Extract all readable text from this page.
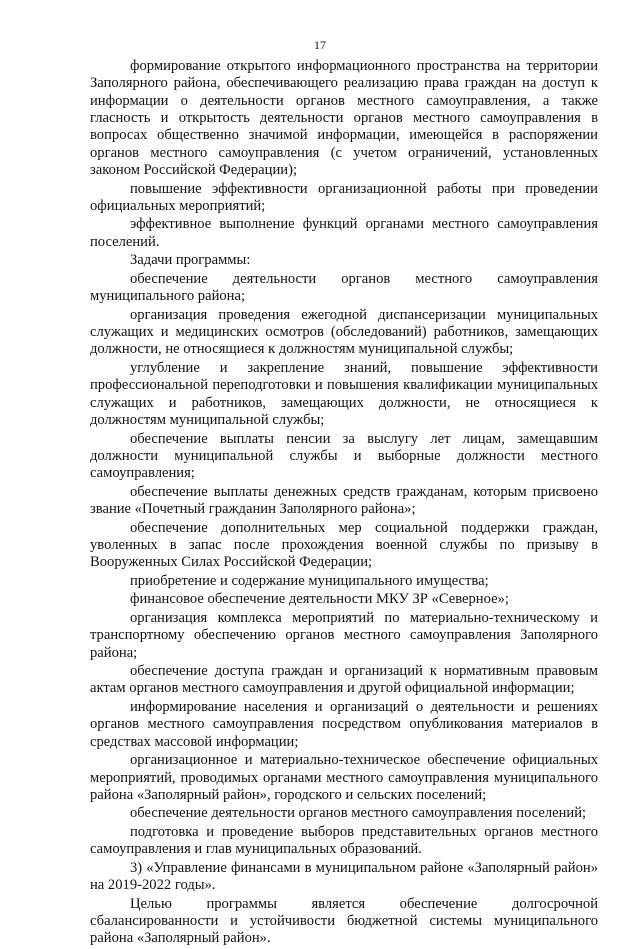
17

формирование открытого информационного пространства на территории Заполярного района, обеспечивающего реализацию права граждан на доступ к информации о деятельности органов местного самоуправления, а также гласность и открытость деятельности органов местного самоуправления в вопросах общественно значимой информации, имеющейся в распоряжении органов местного самоуправления (с учетом ограничений, установленных законом Российской Федерации);

повышение эффективности организационной работы при проведении официальных мероприятий;

эффективное выполнение функций органами местного самоуправления поселений.

Задачи программы:

обеспечение деятельности органов местного самоуправления муниципального района;

организация проведения ежегодной диспансеризации муниципальных служащих и медицинских осмотров (обследований) работников, замещающих должности, не относящиеся к должностям муниципальной службы;

углубление и закрепление знаний, повышение эффективности профессиональной переподготовки и повышения квалификации муниципальных служащих и работников, замещающих должности, не относящиеся к должностям муниципальной службы;

обеспечение выплаты пенсии за выслугу лет лицам, замещавшим должности муниципальной службы и выборные должности местного самоуправления;

обеспечение выплаты денежных средств гражданам, которым присвоено звание «Почетный гражданин Заполярного района»;

обеспечение дополнительных мер социальной поддержки граждан, уволенных в запас после прохождения военной службы по призыву в Вооруженных Силах Российской Федерации;

приобретение и содержание муниципального имущества;

финансовое обеспечение деятельности МКУ ЗР «Северное»;

организация комплекса мероприятий по материально-техническому и транспортному обеспечению органов местного самоуправления Заполярного района;

обеспечение доступа граждан и организаций к нормативным правовым актам органов местного самоуправления и другой официальной информации;

информирование населения и организаций о деятельности и решениях органов местного самоуправления посредством опубликования материалов в средствах массовой информации;

организационное и материально-техническое обеспечение официальных мероприятий, проводимых органами местного самоуправления муниципального района «Заполярный район», городского и сельских поселений;

обеспечение деятельности органов местного самоуправления поселений;

подготовка и проведение выборов представительных органов местного самоуправления и глав муниципальных образований.

3) «Управление финансами в муниципальном районе «Заполярный район» на 2019-2022 годы».

Целью программы является обеспечение долгосрочной сбалансированности и устойчивости бюджетной системы муниципального района «Заполярный район».
